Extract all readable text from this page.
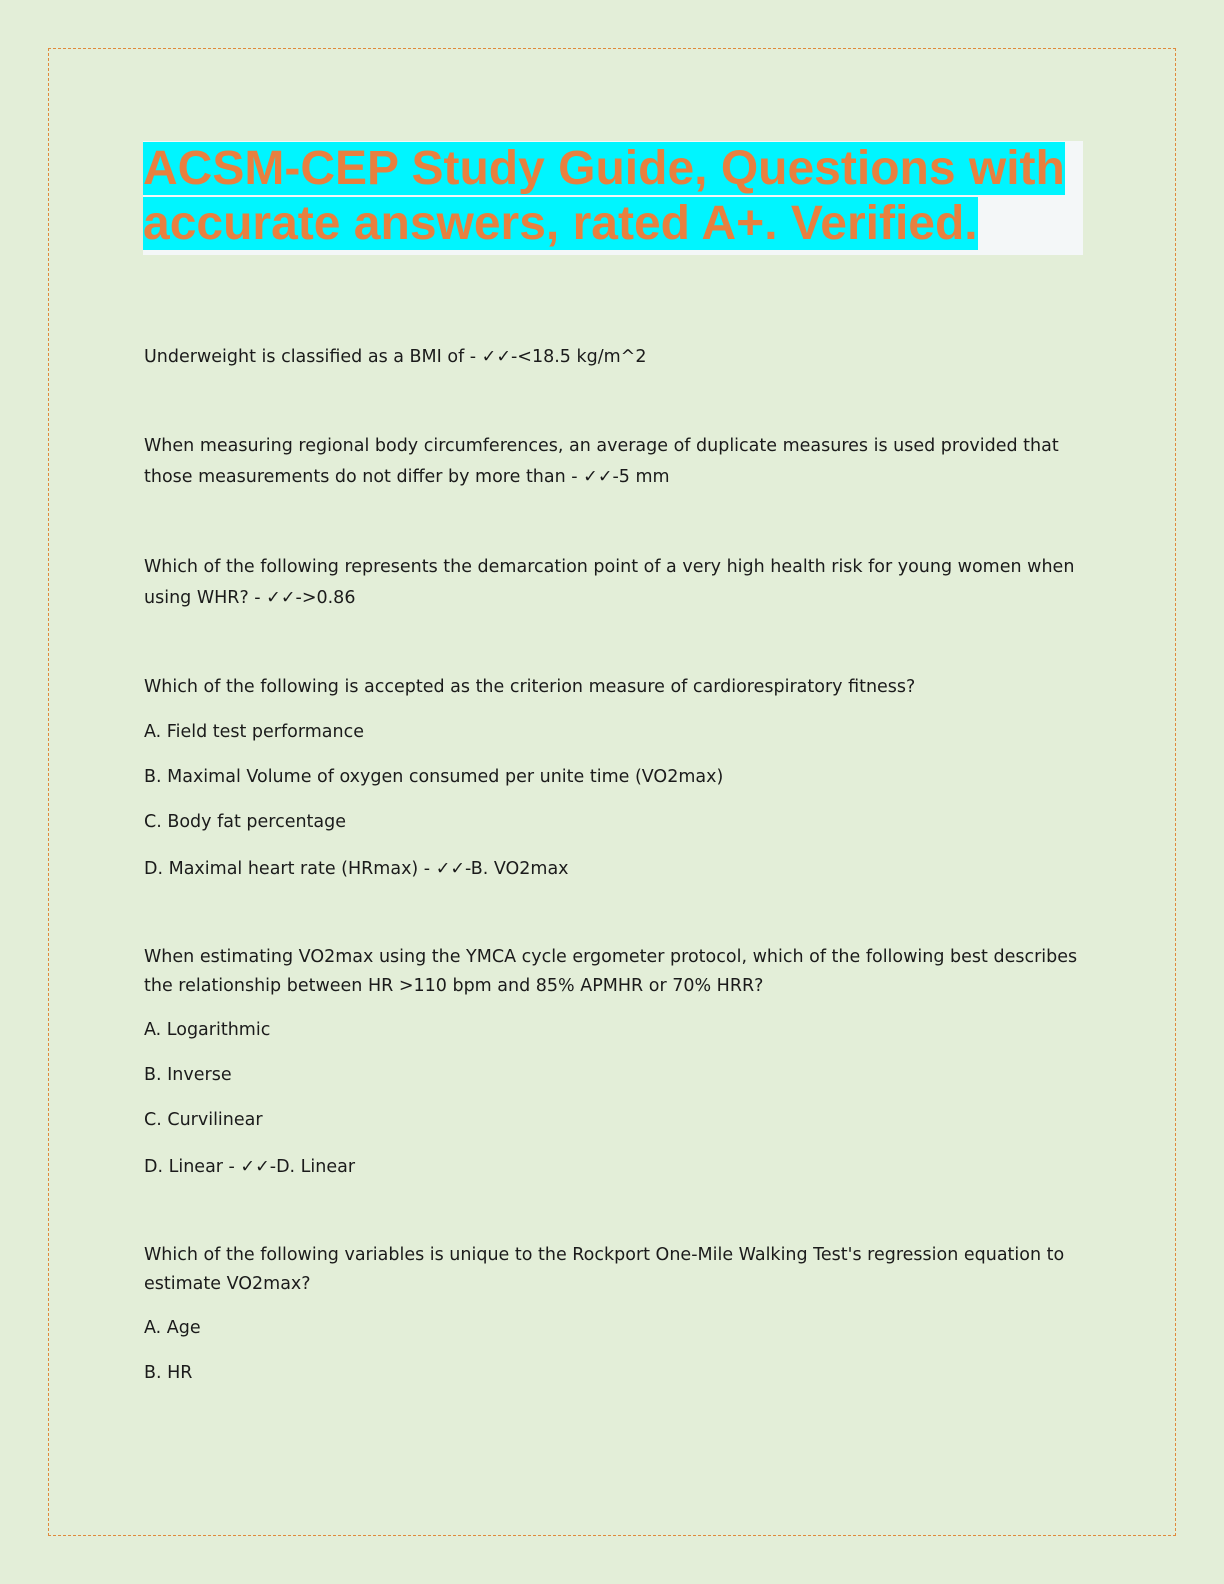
ACSM-CEP Study Guide, Questions with accurate answers, rated A+. Verified.

Underweight is classified as a BMI of - ✓✓-<18.5 kg/m^2

When measuring regional body circumferences, an average of duplicate measures is used provided that those measurements do not differ by more than - ✓✓-5 mm

Which of the following represents the demarcation point of a very high health risk for young women when using WHR? - ✓✓->0.86

Which of the following is accepted as the criterion measure of cardiorespiratory fitness?

A. Field test performance

B. Maximal Volume of oxygen consumed per unite time (VO2max)

C. Body fat percentage

D. Maximal heart rate (HRmax) - ✓✓-B. VO2max

When estimating VO2max using the YMCA cycle ergometer protocol, which of the following best describes the relationship between HR >110 bpm and 85% APMHR or 70% HRR?

A. Logarithmic

B. Inverse

C. Curvilinear

D. Linear - ✓✓-D. Linear

Which of the following variables is unique to the Rockport One-Mile Walking Test's regression equation to estimate VO2max?

A. Age

B. HR
